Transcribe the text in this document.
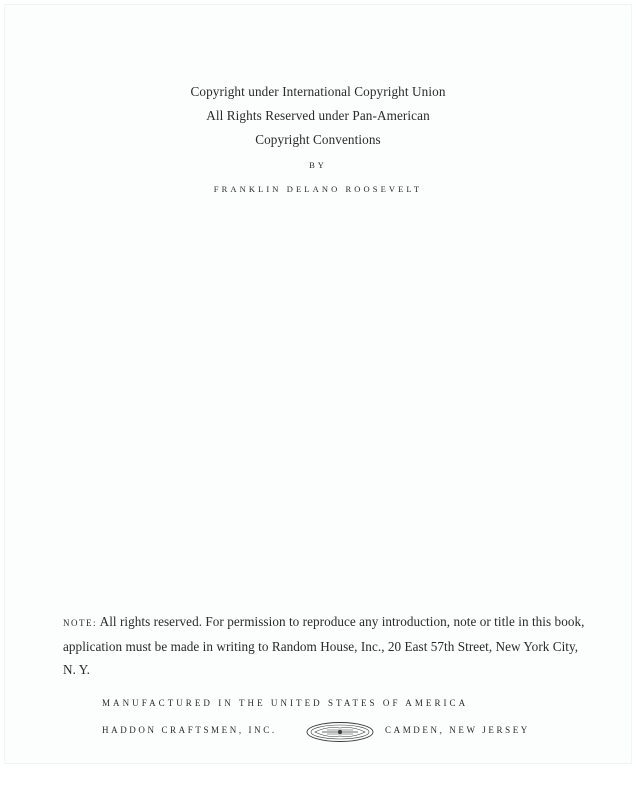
Copyright under International Copyright Union
All Rights Reserved under Pan-American
Copyright Conventions
BY
FRANKLIN DELANO ROOSEVELT
NOTE: All rights reserved. For permission to reproduce any introduction, note or title in this book, application must be made in writing to Random House, Inc., 20 East 57th Street, New York City, N. Y.
MANUFACTURED IN THE UNITED STATES OF AMERICA
HADDON CRAFTSMEN, INC.	CAMDEN, NEW JERSEY
